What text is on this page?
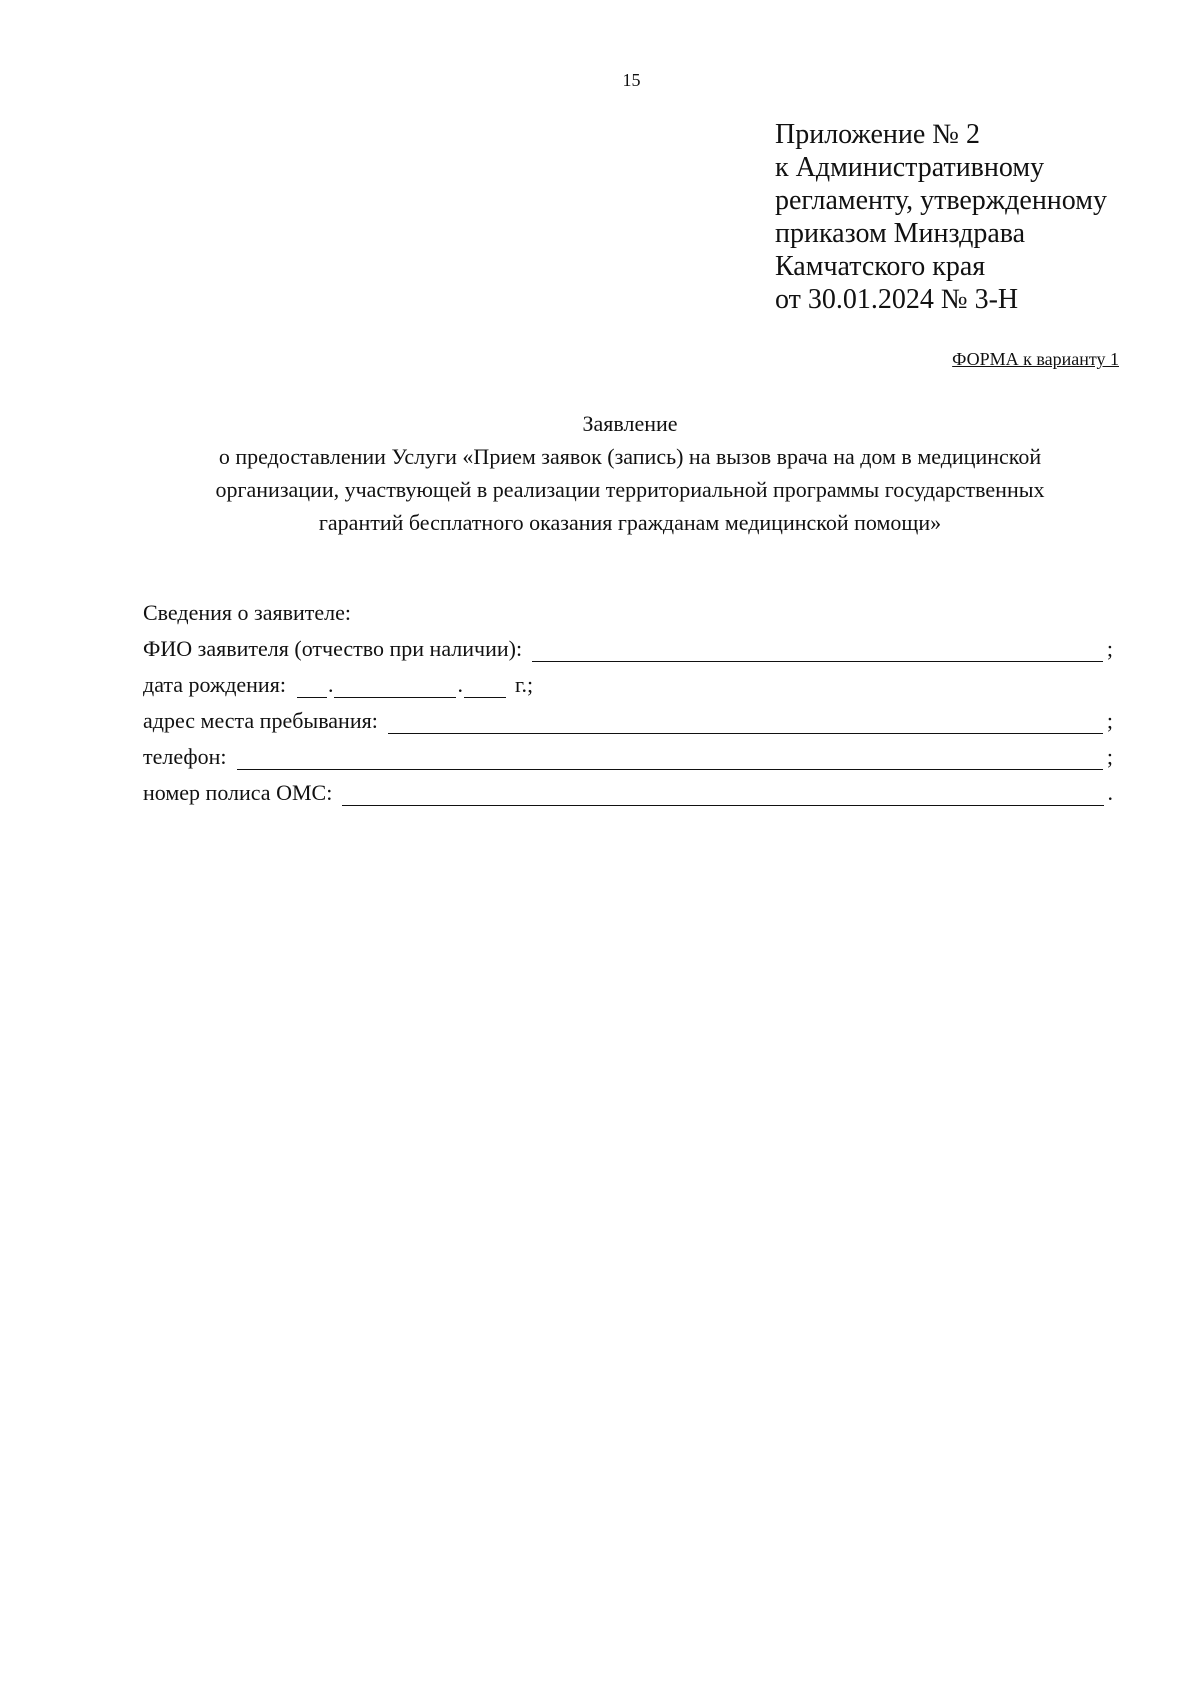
15
Приложение № 2
к Административному
регламенту, утвержденному
приказом Минздрава
Камчатского края
от 30.01.2024 № 3-Н
ФОРМА к варианту 1
Заявление
о предоставлении Услуги «Прием заявок (запись) на вызов врача на дом в медицинской
организации, участвующей в реализации территориальной программы государственных
гарантий бесплатного оказания гражданам медицинской помощи»
Сведения о заявителе:
ФИО заявителя (отчество при наличии):	;
дата рождения: .	. г.;
адрес места пребывания:	;
телефон:	;
номер полиса ОМС:	.
